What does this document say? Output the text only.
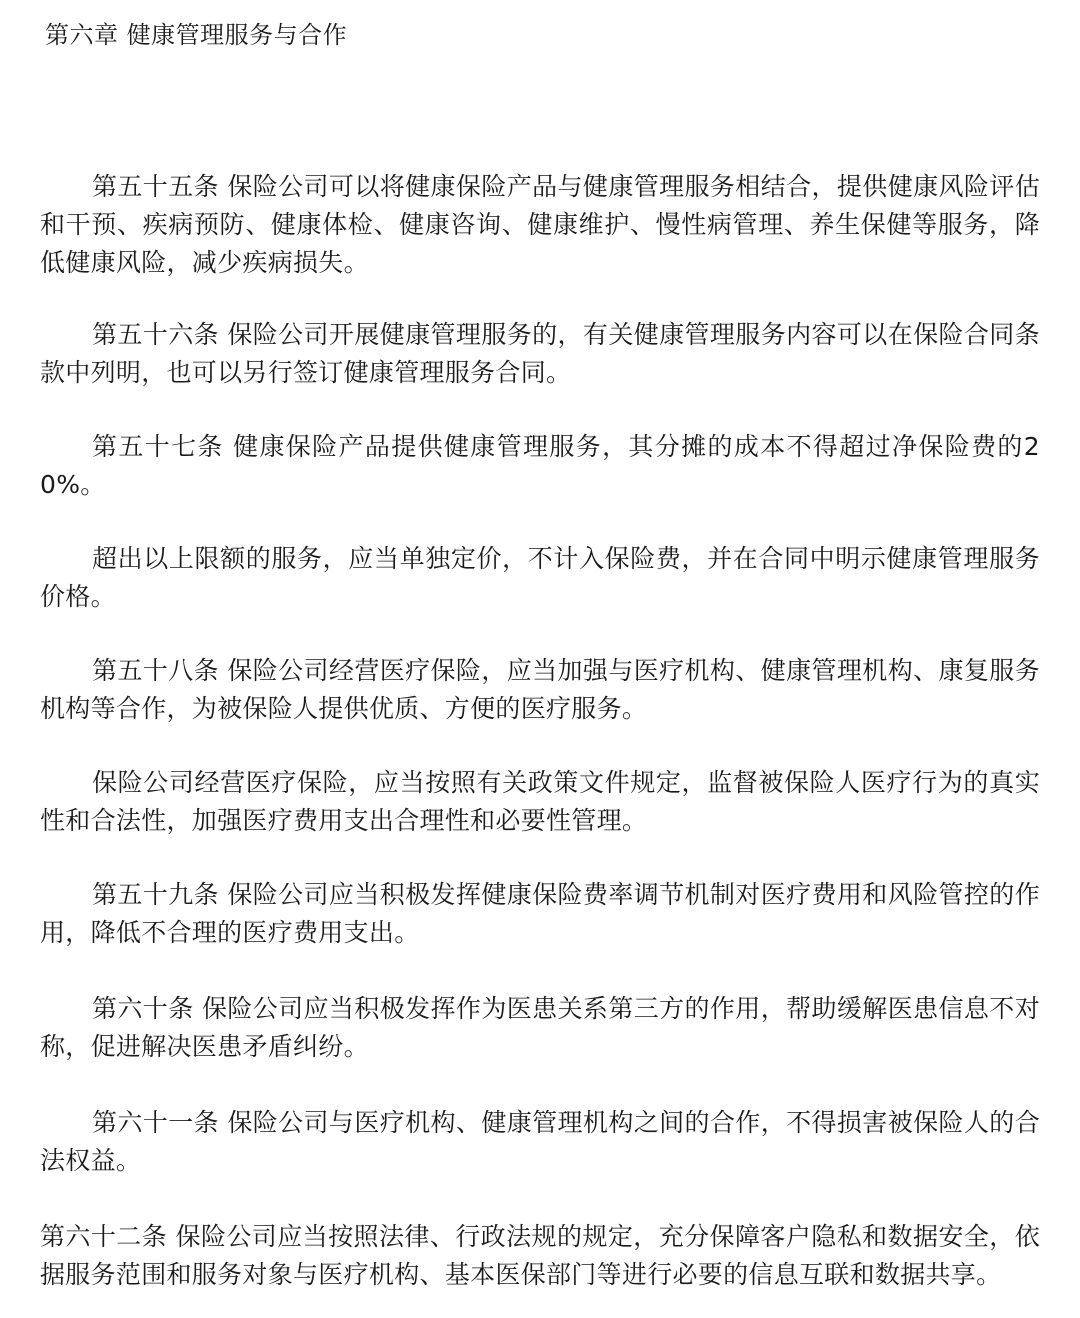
第六章 健康管理服务与合作

第五十五条 保险公司可以将健康保险产品与健康管理服务相结合，提供健康风险评估和干预、疾病预防、健康体检、健康咨询、健康维护、慢性病管理、养生保健等服务，降低健康风险，减少疾病损失。

第五十六条 保险公司开展健康管理服务的，有关健康管理服务内容可以在保险合同条款中列明，也可以另行签订健康管理服务合同。

第五十七条 健康保险产品提供健康管理服务，其分摊的成本不得超过净保险费的20%。

超出以上限额的服务，应当单独定价，不计入保险费，并在合同中明示健康管理服务价格。

第五十八条 保险公司经营医疗保险，应当加强与医疗机构、健康管理机构、康复服务机构等合作，为被保险人提供优质、方便的医疗服务。

保险公司经营医疗保险，应当按照有关政策文件规定，监督被保险人医疗行为的真实性和合法性，加强医疗费用支出合理性和必要性管理。

第五十九条 保险公司应当积极发挥健康保险费率调节机制对医疗费用和风险管控的作用，降低不合理的医疗费用支出。

第六十条 保险公司应当积极发挥作为医患关系第三方的作用，帮助缓解医患信息不对称，促进解决医患矛盾纠纷。

第六十一条 保险公司与医疗机构、健康管理机构之间的合作，不得损害被保险人的合法权益。

第六十二条 保险公司应当按照法律、行政法规的规定，充分保障客户隐私和数据安全，依据服务范围和服务对象与医疗机构、基本医保部门等进行必要的信息互联和数据共享。
